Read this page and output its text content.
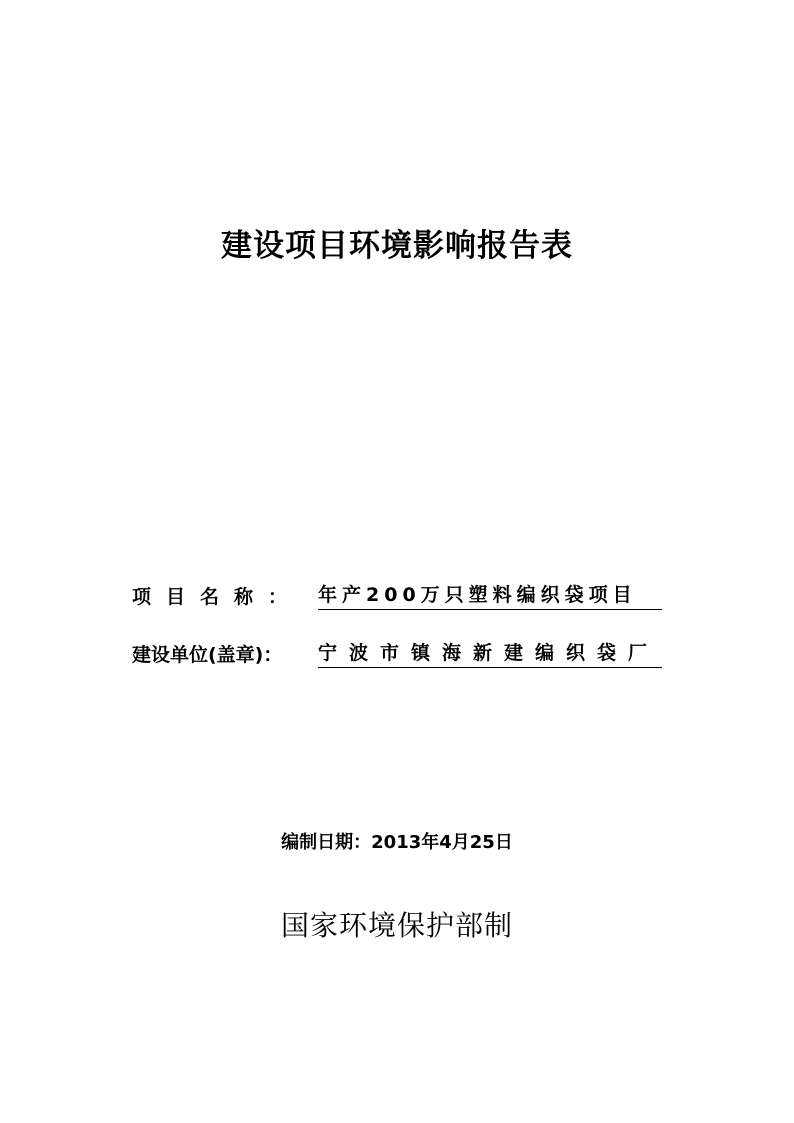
建设项目环境影响报告表
项目名称： 年产200万只塑料编织袋项目
建设单位(盖章)：	宁波市镇海新建编织袋厂
编制日期：2013年4月25日
国家环境保护部制
